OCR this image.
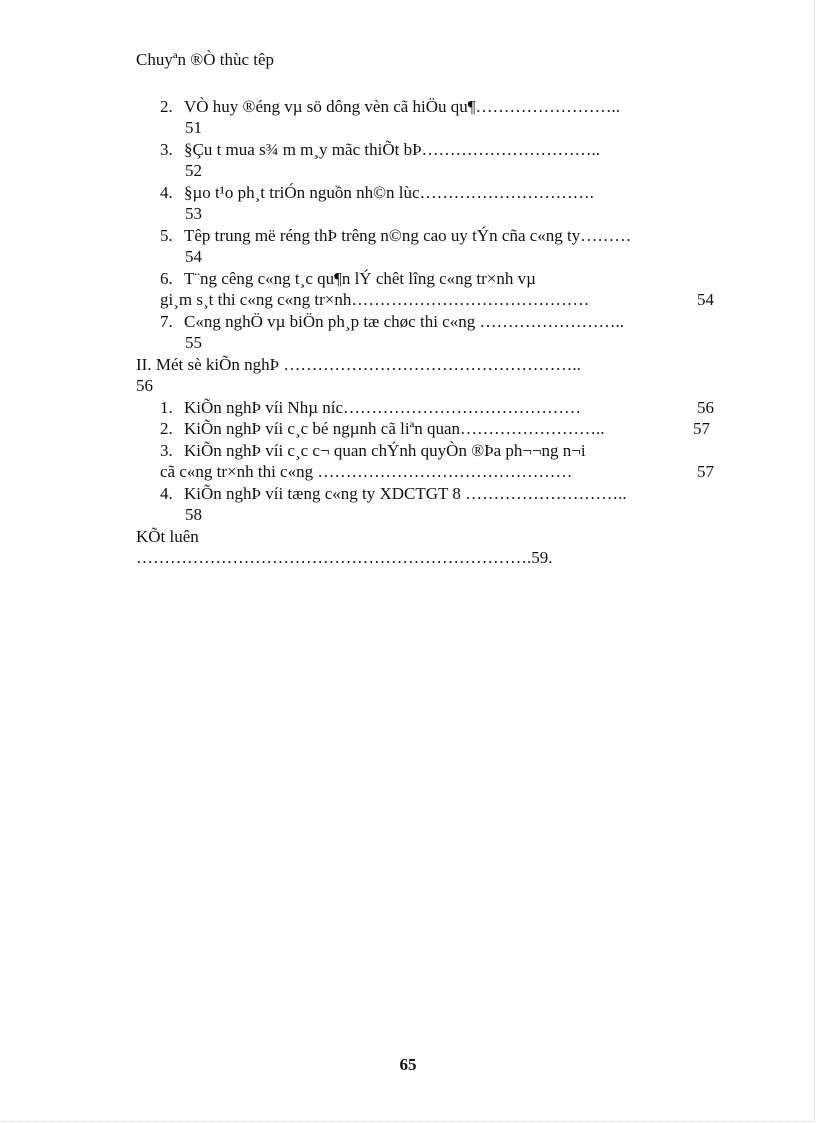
Chuyªn ®Ò thùc têp
2. VÒ huy ®éng vµ sö dông vèn cã hiÖu qu¶……………………..
51
3. §Çu t mua s¾ m m¸y mãc thiÕt bÞ…………………………..
52
4. §µo t¹o ph¸t triÓn nguồn nh©n lùc………………………….
53
5. Têp trung më réng thÞ trêng n©ng cao uy tÝn cña c«ng ty………
54
6. T¨ng cêng c«ng t¸c qu¶n lÝ chêt lîng c«ng tr×nh vµ
gi¸m s¸t thi c«ng c«ng tr×nh……………………………………	54
7. C«ng nghÖ vµ biÖn ph¸p tæ chøc thi c«ng ……………………..
55
II. Mét sè kiÕn nghÞ ……………………………………………..
56
1. KiÕn nghÞ víi Nhµ níc……………………………………	56
2. KiÕn nghÞ víi c¸c bé ngµnh cã liªn quan……………………..	57
3. KiÕn nghÞ víi c¸c c¬ quan chÝnh quyÒn ®Þa ph¬¬ng n¬i
cã c«ng tr×nh thi c«ng ………………………………………	57
4. KiÕn nghÞ víi tæng c«ng ty XDCTGT 8 ………………………..
58
KÕt luên
…………………………………………………………….59.
65
